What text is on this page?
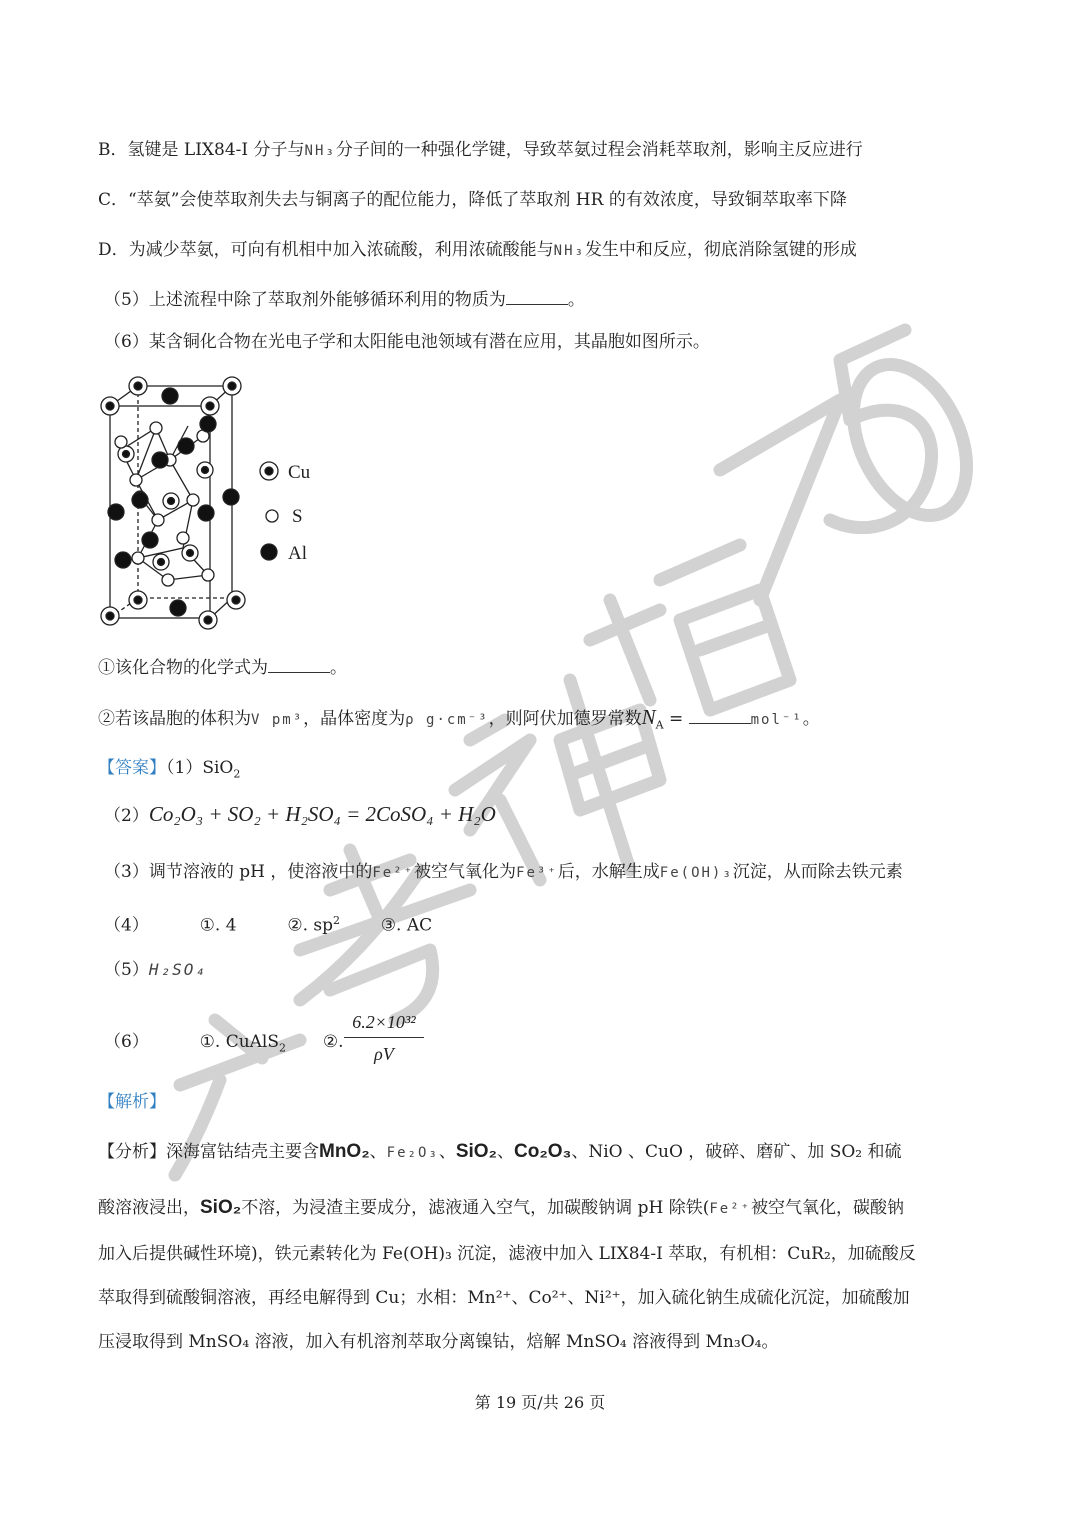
B．氢键是 LIX84-I 分子与NH₃分子间的一种强化学键，导致萃氨过程会消耗萃取剂，影响主反应进行
C．“萃氨”会使萃取剂失去与铜离子的配位能力，降低了萃取剂 HR 的有效浓度，导致铜萃取率下降
D．为减少萃氨，可向有机相中加入浓硫酸，利用浓硫酸能与NH₃发生中和反应，彻底消除氢键的形成
（5）上述流程中除了萃取剂外能够循环利用的物质为	。
（6）某含铜化合物在光电子学和太阳能电池领域有潜在应用，其晶胞如图所示。
Cu
S
Al
①该化合物的化学式为	。
②若该晶胞的体积为V pm³，晶体密度为ρ g·cm⁻³，则阿伏加德罗常数$N_A$ =	mol⁻¹。
【答案】（1）SiO$_2$
（2）Co₂O₃ + SO₂ + H₂SO₄ = 2CoSO₄ + H₂O
（3）调节溶液的 pH ，使溶液中的Fe²⁺被空气氧化为Fe³⁺后，水解生成Fe(OH)₃沉淀，从而除去铁元素
（4）	①. 4	②. $sp^2$ ③. AC
（5）H₂SO₄
（6）	①. CuAlS$_2$ ②.
6.2×10³²
ρV
【解析】
【分析】深海富钴结壳主要含MnO₂、Fe₂O₃、SiO₂、Co₂O₃、NiO 、CuO ，破碎、磨矿、加 SO₂ 和硫
酸溶液浸出，SiO₂不溶，为浸渣主要成分，滤液通入空气，加碳酸钠调 pH 除铁(Fe²⁺被空气氧化，碳酸钠
加入后提供碱性环境)，铁元素转化为 Fe(OH)₃ 沉淀，滤液中加入 LIX84-I 萃取，有机相：CuR₂，加硫酸反
萃取得到硫酸铜溶液，再经电解得到 Cu；水相：Mn²⁺、Co²⁺、Ni²⁺，加入硫化钠生成硫化沉淀，加硫酸加
压浸取得到 MnSO₄ 溶液，加入有机溶剂萃取分离镍钴，焙解 MnSO₄ 溶液得到 Mn₃O₄。
第 19 页/共 26 页
